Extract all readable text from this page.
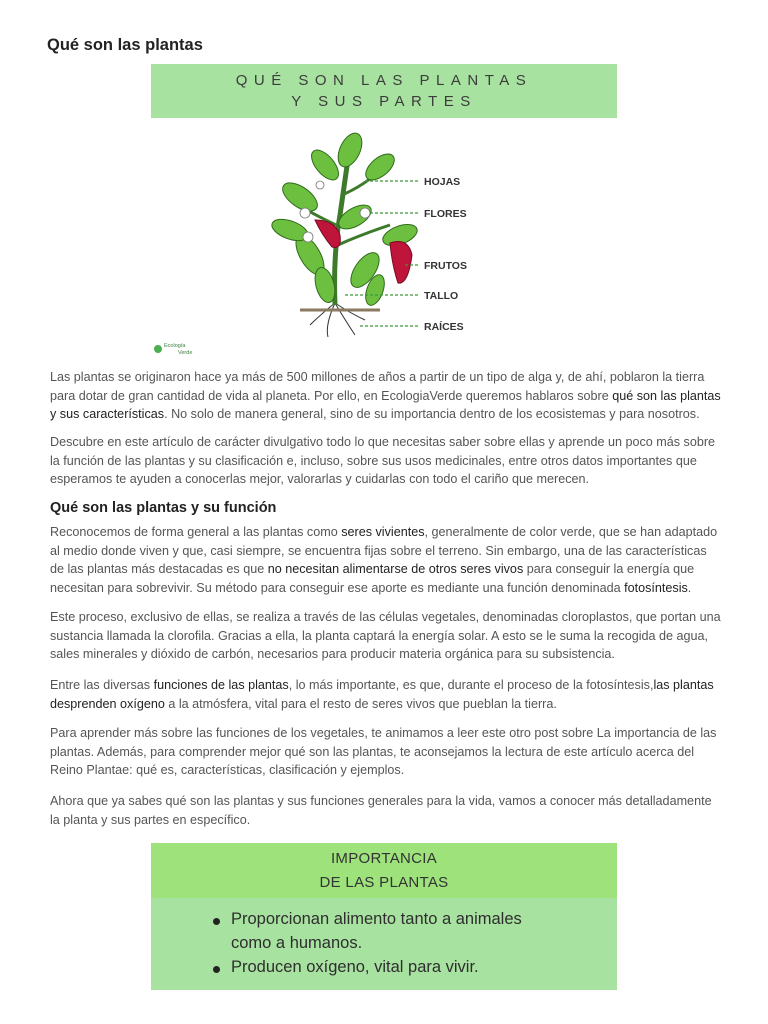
Qué son las plantas
QUÉ SON LAS PLANTAS
Y SUS PARTES
HOJAS
FLORES
FRUTOS
TALLO
RAÍCES
Ecología
Verde

Las plantas se originaron hace ya más de 500 millones de años a partir de un tipo de alga y, de ahí, poblaron la tierra para dotar de gran cantidad de vida al planeta. Por ello, en EcologiaVerde queremos hablaros sobre qué son las plantas y sus características. No solo de manera general, sino de su importancia dentro de los ecosistemas y para nosotros.

Descubre en este artículo de carácter divulgativo todo lo que necesitas saber sobre ellas y aprende un poco más sobre la función de las plantas y su clasificación e, incluso, sobre sus usos medicinales, entre otros datos importantes que esperamos te ayuden a conocerlas mejor, valorarlas y cuidarlas con todo el cariño que merecen.

Qué son las plantas y su función

Reconocemos de forma general a las plantas como seres vivientes, generalmente de color verde, que se han adaptado al medio donde viven y que, casi siempre, se encuentra fijas sobre el terreno. Sin embargo, una de las características de las plantas más destacadas es que no necesitan alimentarse de otros seres vivos para conseguir la energía que necesitan para sobrevivir. Su método para conseguir ese aporte es mediante una función denominada fotosíntesis.

Este proceso, exclusivo de ellas, se realiza a través de las células vegetales, denominadas cloroplastos, que portan una sustancia llamada la clorofila. Gracias a ella, la planta captará la energía solar. A esto se le suma la recogida de agua, sales minerales y dióxido de carbón, necesarios para producir materia orgánica para su subsistencia.

Entre las diversas funciones de las plantas, lo más importante, es que, durante el proceso de la fotosíntesis,las plantas desprenden oxígeno a la atmósfera, vital para el resto de seres vivos que pueblan la tierra.

Para aprender más sobre las funciones de los vegetales, te animamos a leer este otro post sobre La importancia de las plantas. Además, para comprender mejor qué son las plantas, te aconsejamos la lectura de este artículo acerca del Reino Plantae: qué es, características, clasificación y ejemplos.

Ahora que ya sabes qué son las plantas y sus funciones generales para la vida, vamos a conocer más detalladamente la planta y sus partes en específico.

IMPORTANCIA
DE LAS PLANTAS
Proporcionan alimento tanto a animales
como a humanos.
Producen oxígeno, vital para vivir.
